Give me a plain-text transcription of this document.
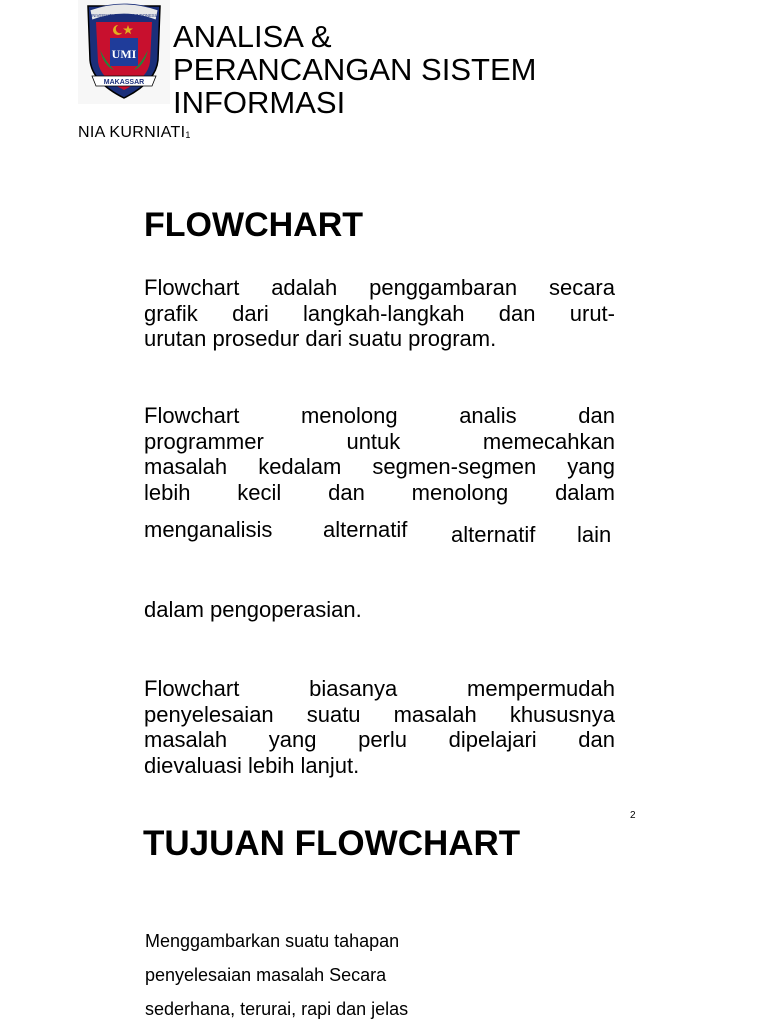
UNIVERSITAS MUSLIM INDONESIA
UMI
MAKASSAR
ANALISA &
PERANCANGAN SISTEM
INFORMASI
NIA $KURNIATI_1$
FLOWCHART
Flowchart adalah penggambaran secara
grafik dari langkah-langkah dan urut-
urutan prosedur dari suatu program.
Flowchart menolong analis dan
programmer untuk memecahkan
masalah kedalam segmen-segmen yang
lebih kecil dan menolong dalam
menganalisis	alternatif alternatif lain
dalam pengoperasian.
Flowchart biasanya mempermudah
penyelesaian suatu masalah khususnya
masalah yang perlu dipelajari dan
dievaluasi lebih lanjut.
2
TUJUAN FLOWCHART
Menggambarkan suatu tahapan
penyelesaian masalah Secara
sederhana, terurai, rapi dan jelas
